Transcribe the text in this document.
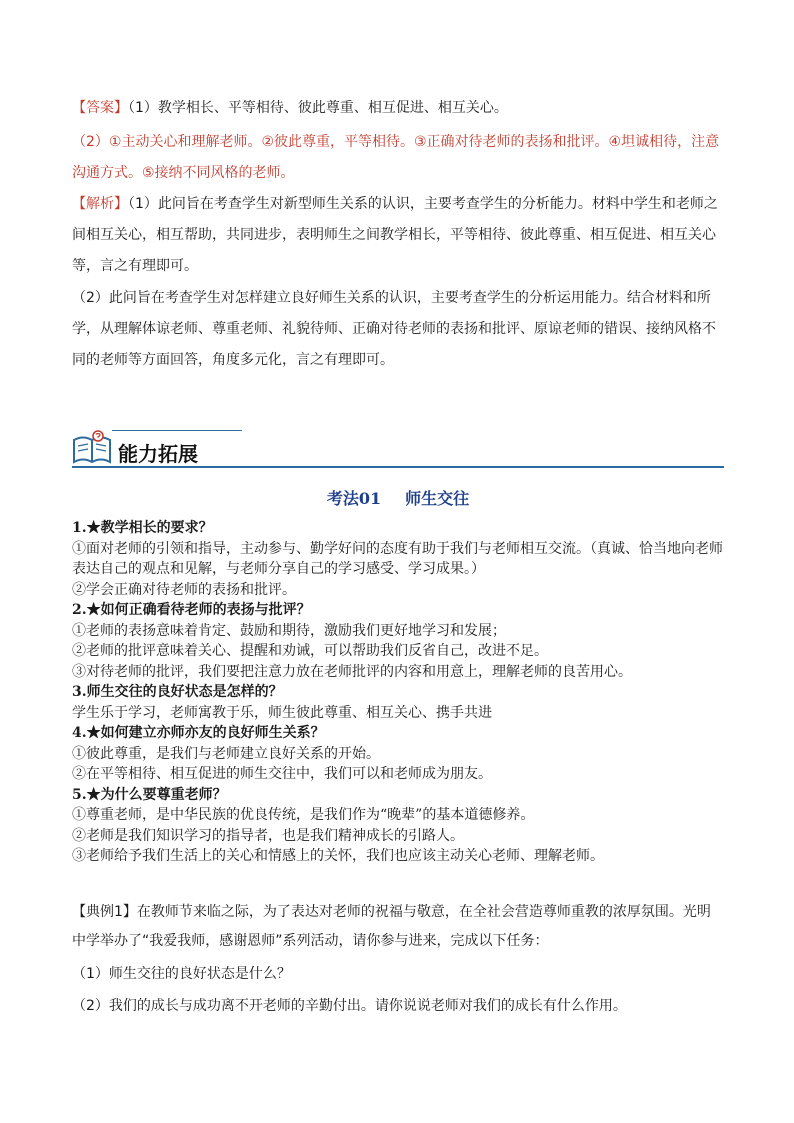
【答案】（1）教学相长、平等相待、彼此尊重、相互促进、相互关心。
（2）①主动关心和理解老师。②彼此尊重，平等相待。③正确对待老师的表扬和批评。④坦诚相待，注意沟通方式。⑤接纳不同风格的老师。
【解析】（1）此问旨在考查学生对新型师生关系的认识，主要考查学生的分析能力。材料中学生和老师之间相互关心，相互帮助，共同进步，表明师生之间教学相长，平等相待、彼此尊重、相互促进、相互关心等，言之有理即可。
（2）此问旨在考查学生对怎样建立良好师生关系的认识，主要考查学生的分析运用能力。结合材料和所学，从理解体谅老师、尊重老师、礼貌待师、正确对待老师的表扬和批评、原谅老师的错误、接纳风格不同的老师等方面回答，角度多元化，言之有理即可。
能力拓展
考法01 师生交往
1.★教学相长的要求？
①面对老师的引领和指导，主动参与、勤学好问的态度有助于我们与老师相互交流。（真诚、恰当地向老师表达自己的观点和见解，与老师分享自己的学习感受、学习成果。）
②学会正确对待老师的表扬和批评。
2.★如何正确看待老师的表扬与批评？
①老师的表扬意味着肯定、鼓励和期待，激励我们更好地学习和发展；
②老师的批评意味着关心、提醒和劝诫，可以帮助我们反省自己，改进不足。
③对待老师的批评，我们要把注意力放在老师批评的内容和用意上，理解老师的良苦用心。
3.师生交往的良好状态是怎样的？
学生乐于学习，老师寓教于乐，师生彼此尊重、相互关心、携手共进
4.★如何建立亦师亦友的良好师生关系？
①彼此尊重，是我们与老师建立良好关系的开始。
②在平等相待、相互促进的师生交往中，我们可以和老师成为朋友。
5.★为什么要尊重老师？
①尊重老师，是中华民族的优良传统，是我们作为“晚辈”的基本道德修养。
②老师是我们知识学习的指导者，也是我们精神成长的引路人。
③老师给予我们生活上的关心和情感上的关怀，我们也应该主动关心老师、理解老师。
【典例1】在教师节来临之际，为了表达对老师的祝福与敬意，在全社会营造尊师重教的浓厚氛围。光明中学举办了“我爱我师，感谢恩师”系列活动，请你参与进来，完成以下任务：
（1）师生交往的良好状态是什么？
（2）我们的成长与成功离不开老师的辛勤付出。请你说说老师对我们的成长有什么作用。
